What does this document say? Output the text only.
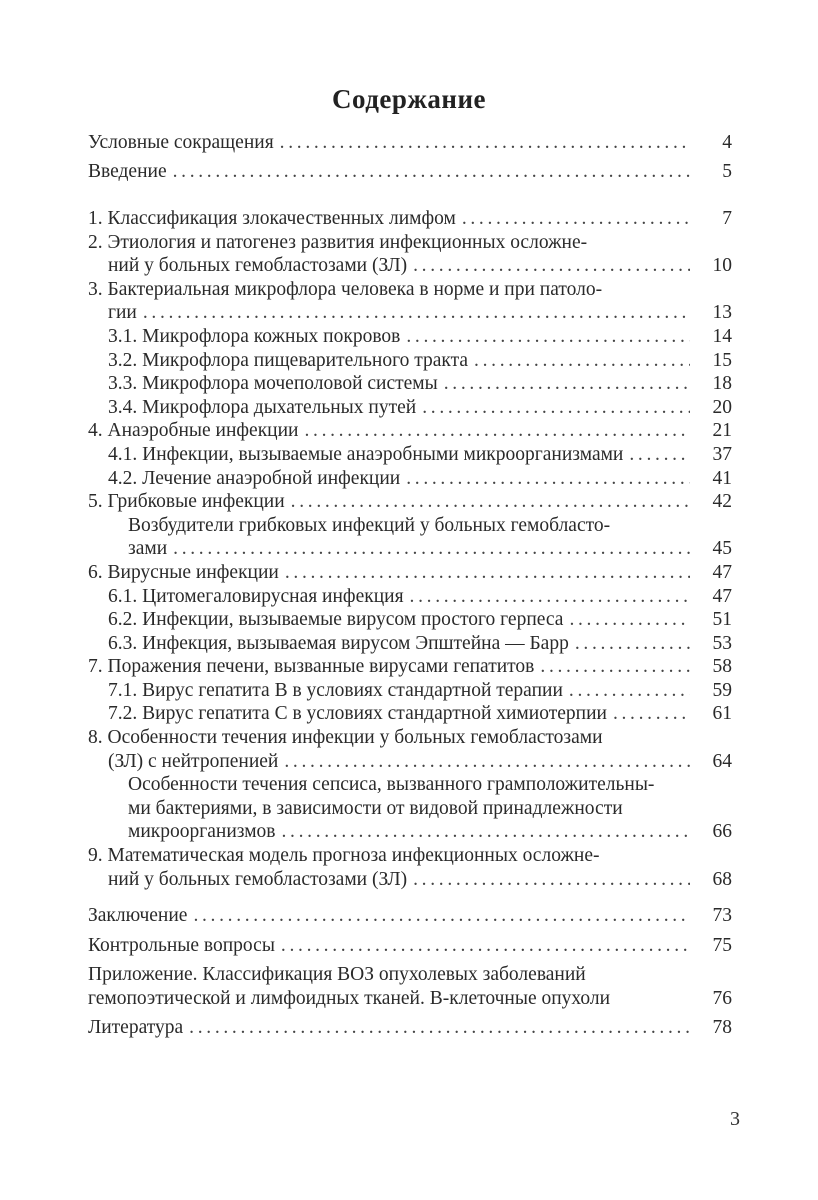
Содержание
Условные сокращения . . .	4
Введение . . .	5
1. Классификация злокачественных лимфом . . .	7
2. Этиология и патогенез развития инфекционных осложне-
ний у больных гемобластозами (ЗЛ) . . .	10
3. Бактериальная микрофлора человека в норме и при патоло-
гии . . .	13
3.1. Микрофлора кожных покровов . . .	14
3.2. Микрофлора пищеварительного тракта . . .	15
3.3. Микрофлора мочеполовой системы . . .	18
3.4. Микрофлора дыхательных путей . . .	20
4. Анаэробные инфекции . . .	21
4.1. Инфекции, вызываемые анаэробными микроорганизмами . . .	37
4.2. Лечение анаэробной инфекции . . .	41
5. Грибковые инфекции . . .	42
Возбудители грибковых инфекций у больных гемобласто-
зами . . .	45
6. Вирусные инфекции . . .	47
6.1. Цитомегаловирусная инфекция . . .	47
6.2. Инфекции, вызываемые вирусом простого герпеса . . .	51
6.3. Инфекция, вызываемая вирусом Эпштейна — Барр . . .	53
7. Поражения печени, вызванные вирусами гепатитов . . .	58
7.1. Вирус гепатита В в условиях стандартной терапии . . .	59
7.2. Вирус гепатита С в условиях стандартной химиотерпии . . .	61
8. Особенности течения инфекции у больных гемобластозами
(ЗЛ) с нейтропенией . . .	64
Особенности течения сепсиса, вызванного грамположительны-
ми бактериями, в зависимости от видовой принадлежности
микроорганизмов . . .	66
9. Математическая модель прогноза инфекционных осложне-
ний у больных гемобластозами (ЗЛ) . . .	68
Заключение . . .	73
Контрольные вопросы . . .	75
Приложение. Классификация ВОЗ опухолевых заболеваний
гемопоэтической и лимфоидных тканей. В-клеточные опухоли	76
Литература . . .	78
3
